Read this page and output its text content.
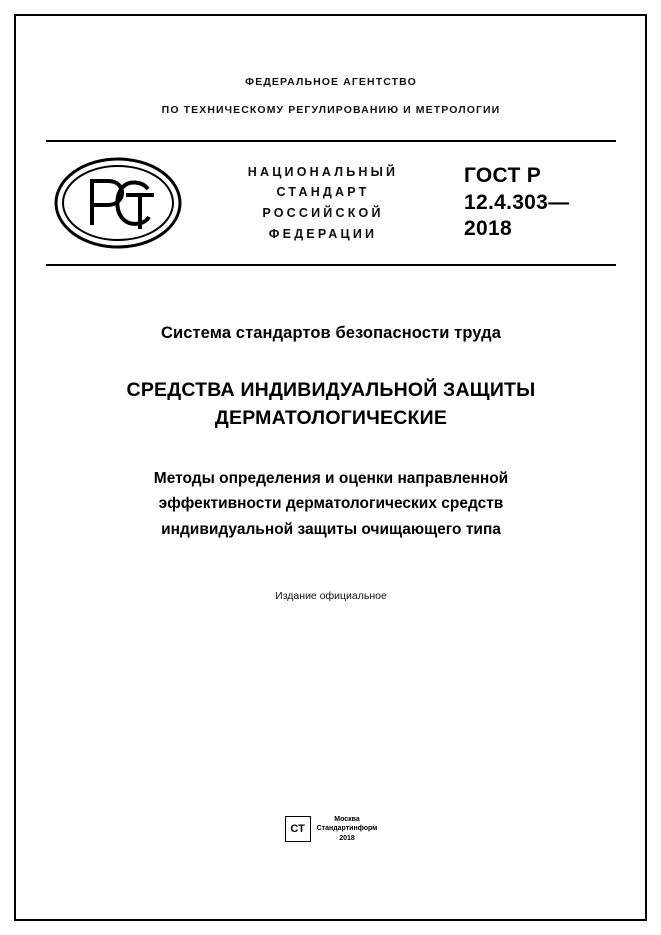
ФЕДЕРАЛЬНОЕ АГЕНТСТВО
ПО ТЕХНИЧЕСКОМУ РЕГУЛИРОВАНИЮ И МЕТРОЛОГИИ
НАЦИОНАЛЬНЫЙ
СТАНДАРТ
РОССИЙСКОЙ
ФЕДЕРАЦИИ
ГОСТ Р
12.4.303—
2018
Система стандартов безопасности труда
СРЕДСТВА ИНДИВИДУАЛЬНОЙ ЗАЩИТЫ
ДЕРМАТОЛОГИЧЕСКИЕ
Методы определения и оценки направленной
эффективности дерматологических средств
индивидуальной защиты очищающего типа
Издание официальное
СТ
Москва
Стандартинформ
2018
